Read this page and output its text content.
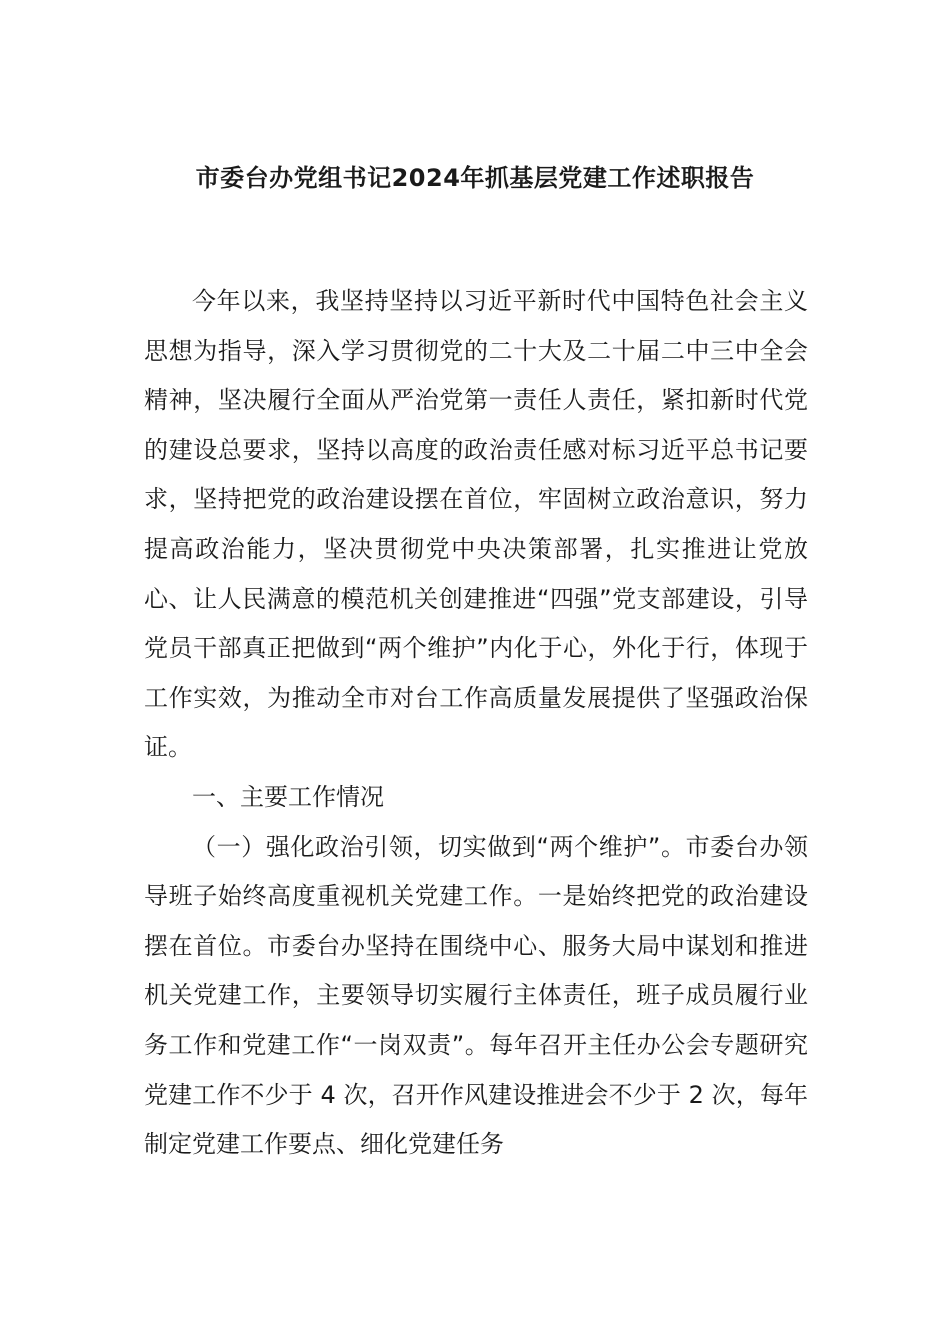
市委台办党组书记2024年抓基层党建工作述职报告

今年以来，我坚持坚持以习近平新时代中国特色社会主义思想为指导，深入学习贯彻党的二十大及二十届二中三中全会精神，坚决履行全面从严治党第一责任人责任，紧扣新时代党的建设总要求，坚持以高度的政治责任感对标习近平总书记要求，坚持把党的政治建设摆在首位，牢固树立政治意识，努力提高政治能力，坚决贯彻党中央决策部署，扎实推进让党放心、让人民满意的模范机关创建推进“四强”党支部建设，引导党员干部真正把做到“两个维护”内化于心，外化于行，体现于工作实效，为推动全市对台工作高质量发展提供了坚强政治保证。

一、主要工作情况

（一）强化政治引领，切实做到“两个维护”。市委台办领导班子始终高度重视机关党建工作。一是始终把党的政治建设摆在首位。市委台办坚持在围绕中心、服务大局中谋划和推进机关党建工作，主要领导切实履行主体责任，班子成员履行业务工作和党建工作“一岗双责”。每年召开主任办公会专题研究党建工作不少于 4 次，召开作风建设推进会不少于 2 次，每年制定党建工作要点、细化党建任务
